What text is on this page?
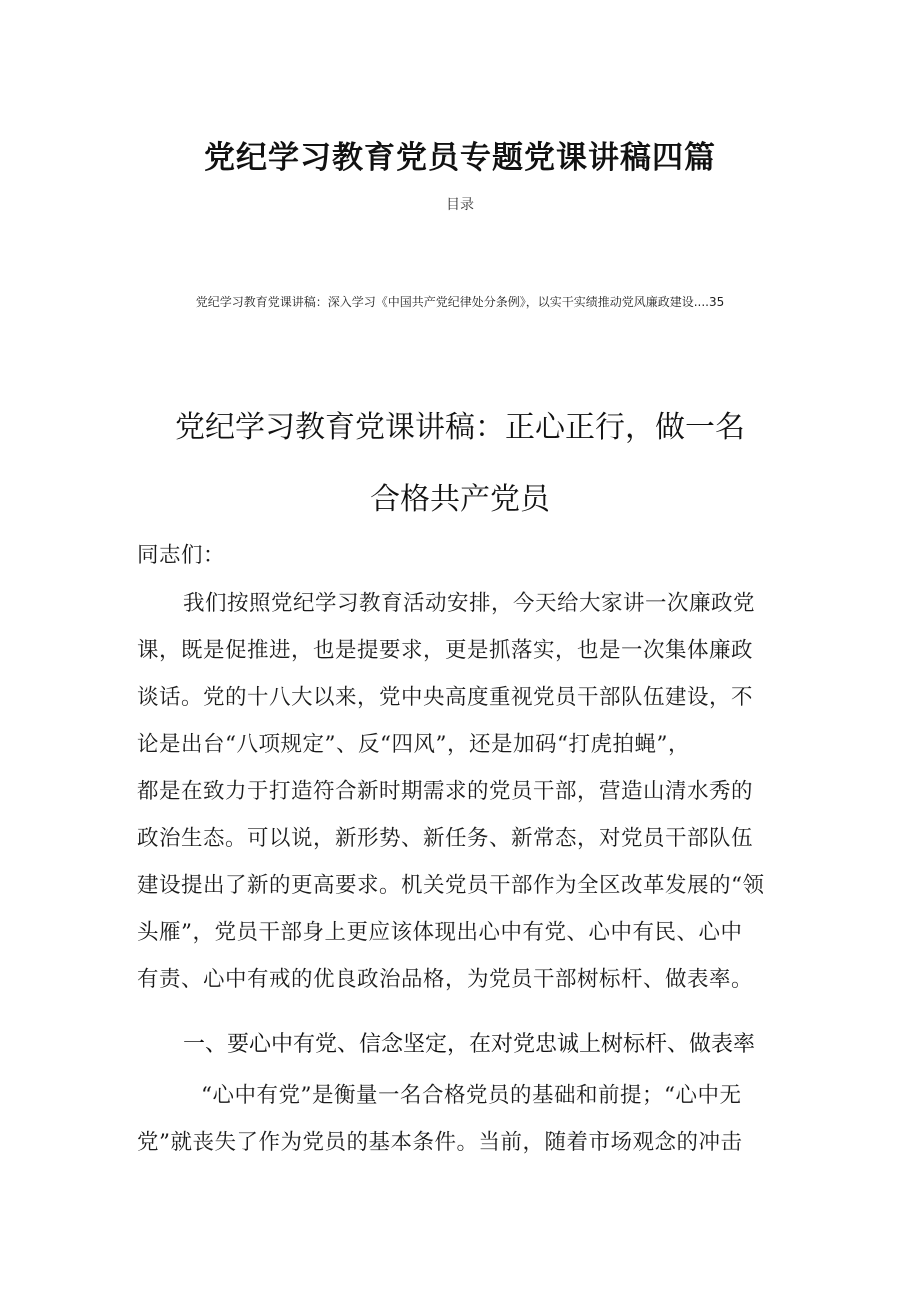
党纪学习教育党员专题党课讲稿四篇
目录
党纪学习教育党课讲稿：深入学习《中国共产党纪律处分条例》，以实干实绩推动党风廉政建设....35
党纪学习教育党课讲稿：正心正行，做一名
合格共产党员
同志们：
我们按照党纪学习教育活动安排，今天给大家讲一次廉政党
课，既是促推进，也是提要求，更是抓落实，也是一次集体廉政
谈话。党的十八大以来，党中央高度重视党员干部队伍建设，不
论是出台“八项规定”、反“四风”，还是加码“打虎拍蝇”，
都是在致力于打造符合新时期需求的党员干部，营造山清水秀的
政治生态。可以说，新形势、新任务、新常态，对党员干部队伍
建设提出了新的更高要求。机关党员干部作为全区改革发展的“领
头雁”，党员干部身上更应该体现出心中有党、心中有民、心中
有责、心中有戒的优良政治品格，为党员干部树标杆、做表率。
一、要心中有党、信念坚定，在对党忠诚上树标杆、做表率
“心中有党”是衡量一名合格党员的基础和前提；“心中无
党”就丧失了作为党员的基本条件。当前，随着市场观念的冲击
